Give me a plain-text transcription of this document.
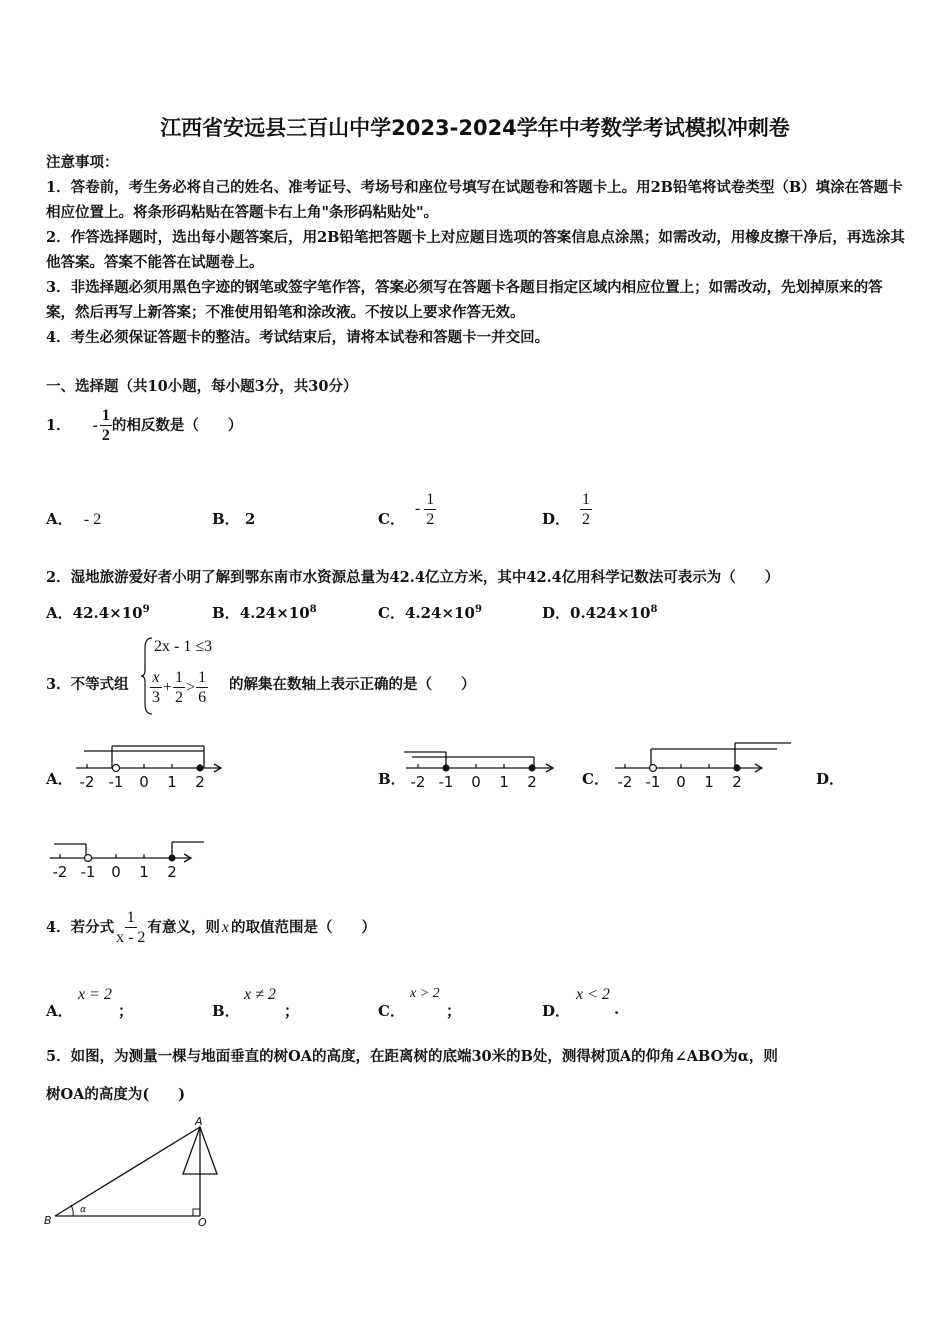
江西省安远县三百山中学2023-2024学年中考数学考试模拟冲刺卷
注意事项：
1．答卷前，考生务必将自己的姓名、准考证号、考场号和座位号填写在试题卷和答题卡上。用2B铅笔将试卷类型（B）填涂在答题卡相应位置上。将条形码粘贴在答题卡右上角"条形码粘贴处"。
2．作答选择题时，选出每小题答案后，用2B铅笔把答题卡上对应题目选项的答案信息点涂黑；如需改动，用橡皮擦干净后，再选涂其他答案。答案不能答在试题卷上。
3．非选择题必须用黑色字迹的钢笔或签字笔作答，答案必须写在答题卡各题目指定区域内相应位置上；如需改动，先划掉原来的答案，然后再写上新答案；不准使用铅笔和涂改液。不按以上要求作答无效。
4．考生必须保证答题卡的整洁。考试结束后，请将本试卷和答题卡一并交回。
一、选择题（共10小题，每小题3分，共30分）
1． - $\frac{1}{2}$ 的相反数是（　　）
A． - 2	B． 2	C．
- $\frac{1}{2}$	D． $\frac{1}{2}$
2．湿地旅游爱好者小明了解到鄂东南市水资源总量为42.4亿立方米，其中42.4亿用科学记数法可表示为（　　）
A．$42.4\times 10^9$	B．$4.24\times 10^8$	C．$4.24\times 10^9$	D．$0.424\times 10^8$
3．不等式组
2x - 1 ≤3
$\frac{x}{3} + \frac{1}{2} > \frac{1}{6}$ 的解集在数轴上表示正确的是（　　）
A．	B．	C．	D．
-2 -1 0 1 2	-2 -1 0 1 2	-2 -1 0 1 2
-2 -1 0 1 2
4．若分式 $\frac{1}{x - 2}$ 有意义，则 x 的取值范围是（　　）
A．
x = 2
；	B．
x ≠ 2
；	C．
x > 2
；	D．
x < 2
.
5．如图，为测量一棵与地面垂直的树OA的高度，在距离树的底端30米的B处，测得树顶A的仰角∠ABO为α，则
树OA的高度为(　　)
α
A
B	O
